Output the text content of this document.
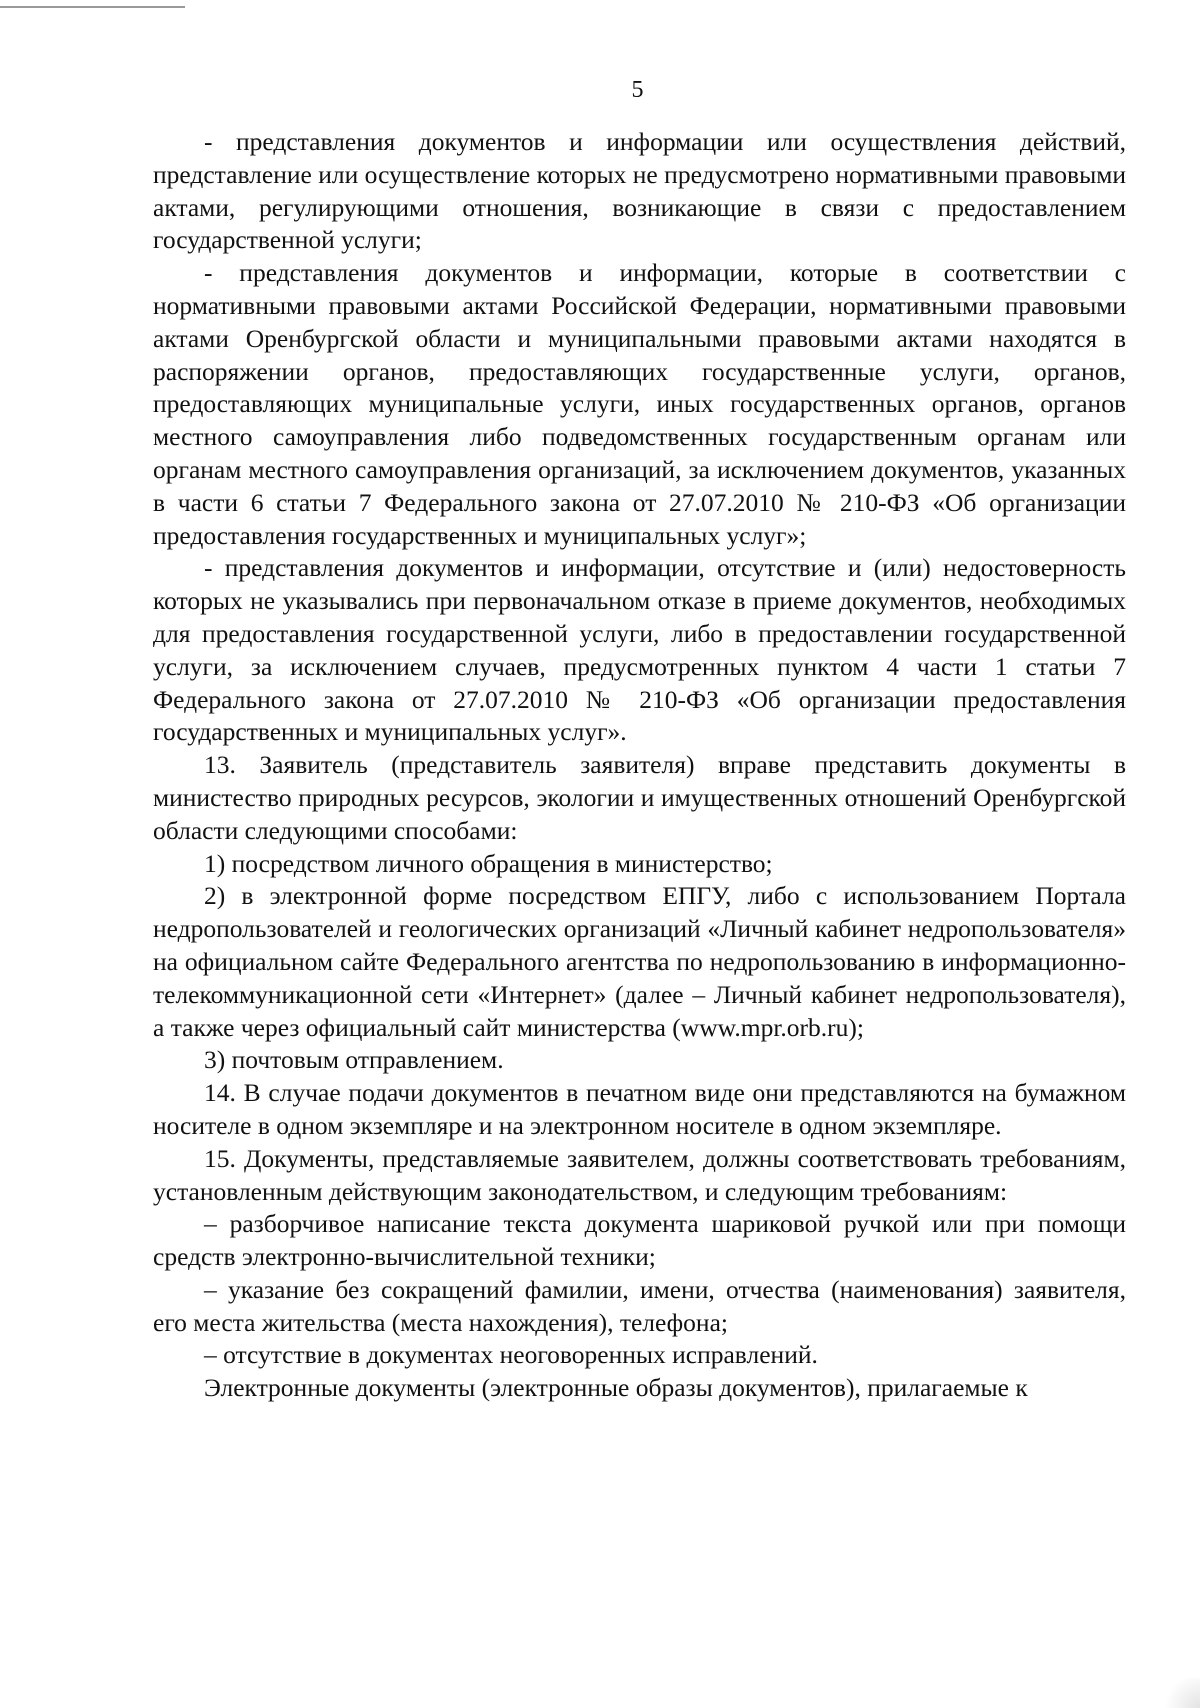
5

- представления документов и информации или осуществления действий, представление или осуществление которых не предусмотрено нормативными правовыми актами, регулирующими отношения, возникающие в связи с предоставлением государственной услуги;

- представления документов и информации, которые в соответствии с нормативными правовыми актами Российской Федерации, нормативными правовыми актами Оренбургской области и муниципальными правовыми актами находятся в распоряжении органов, предоставляющих государственные услуги, органов, предоставляющих муниципальные услуги, иных государственных органов, органов местного самоуправления либо подведомственных государственным органам или органам местного самоуправления организаций, за исключением документов, указанных в части 6 статьи 7 Федерального закона от 27.07.2010 № 210-ФЗ «Об организации предоставления государственных и муниципальных услуг»;

- представления документов и информации, отсутствие и (или) недостоверность которых не указывались при первоначальном отказе в приеме документов, необходимых для предоставления государственной услуги, либо в предоставлении государственной услуги, за исключением случаев, предусмотренных пунктом 4 части 1 статьи 7 Федерального закона от 27.07.2010 № 210-ФЗ «Об организации предоставления государственных и муниципальных услуг».

13. Заявитель (представитель заявителя) вправе представить документы в министество природных ресурсов, экологии и имущественных отношений Оренбургской области следующими способами:

1) посредством личного обращения в министерство;

2) в электронной форме посредством ЕПГУ, либо с использованием Портала недропользователей и геологических организаций «Личный кабинет недропользователя» на официальном сайте Федерального агентства по недропользованию в информационно-телекоммуникационной сети «Интернет» (далее – Личный кабинет недропользователя), а также через официальный сайт министерства (www.mpr.orb.ru);

3) почтовым отправлением.

14. В случае подачи документов в печатном виде они представляются на бумажном носителе в одном экземпляре и на электронном носителе в одном экземпляре.

15. Документы, представляемые заявителем, должны соответствовать требованиям, установленным действующим законодательством, и следующим требованиям:

– разборчивое написание текста документа шариковой ручкой или при помощи средств электронно-вычислительной техники;

– указание без сокращений фамилии, имени, отчества (наименования) заявителя, его места жительства (места нахождения), телефона;

– отсутствие в документах неоговоренных исправлений.

Электронные документы (электронные образы документов), прилагаемые к
